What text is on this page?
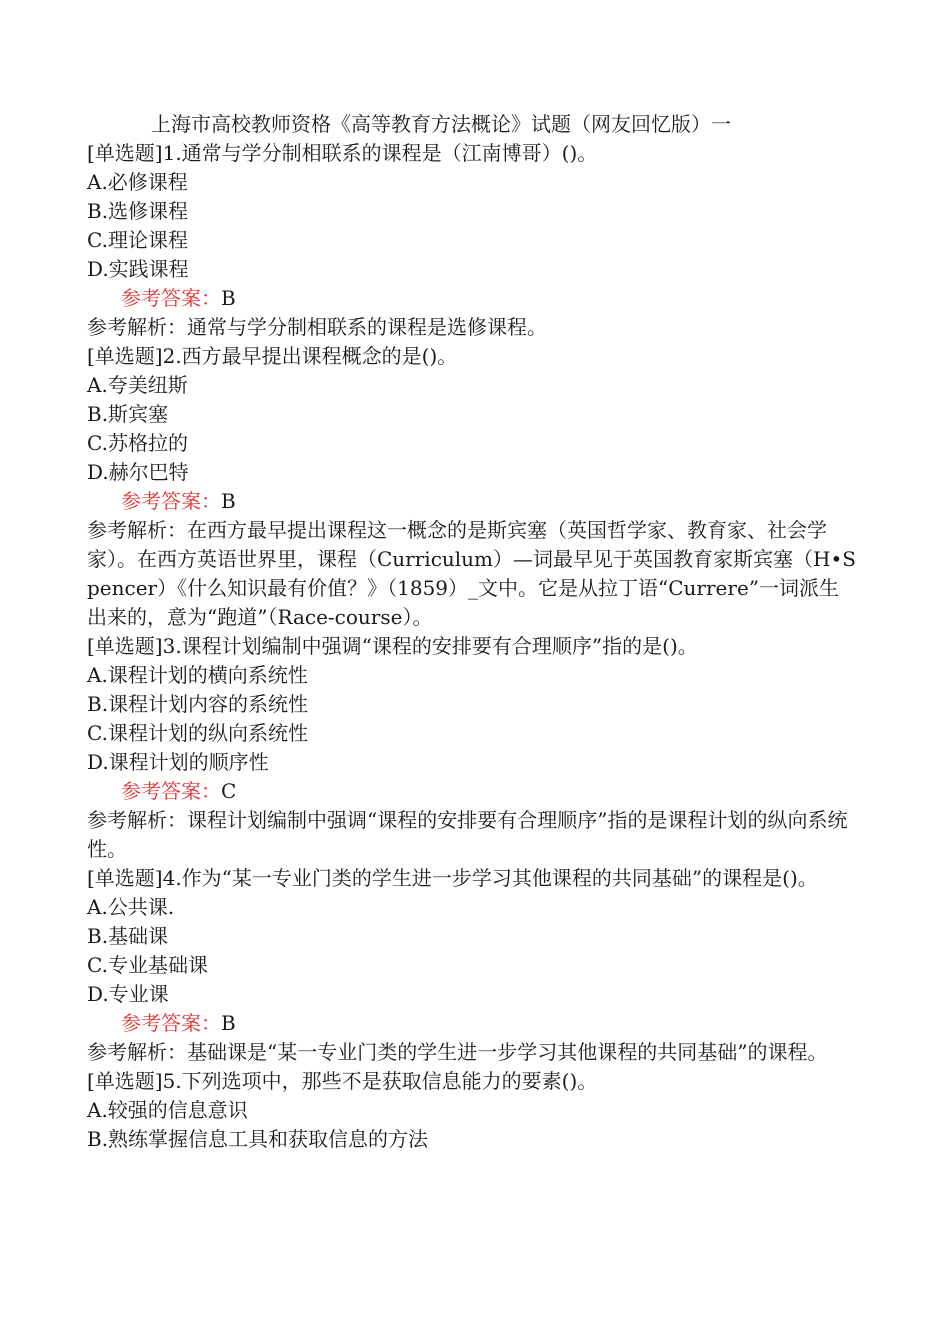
上海市高校教师资格《高等教育方法概论》试题（网友回忆版）一
[单选题]1.通常与学分制相联系的课程是（江南博哥）()。
A.必修课程
B.选修课程
C.理论课程
D.实践课程
参考答案：B
参考解析：通常与学分制相联系的课程是选修课程。
[单选题]2.西方最早提出课程概念的是()。
A.夸美纽斯
B.斯宾塞
C.苏格拉的
D.赫尔巴特
参考答案：B
参考解析：在西方最早提出课程这一概念的是斯宾塞（英国哲学家、教育家、社会学家）。在西方英语世界里，课程（Curriculum）—词最早见于英国教育家斯宾塞（H•Spencer）《什么知识最有价值？》（1859）_文中。它是从拉丁语“Currere”一词派生出来的，意为“跑道”（Race-course）。
[单选题]3.课程计划编制中强调“课程的安排要有合理顺序”指的是()。
A.课程计划的横向系统性
B.课程计划内容的系统性
C.课程计划的纵向系统性
D.课程计划的顺序性
参考答案：C
参考解析：课程计划编制中强调“课程的安排要有合理顺序”指的是课程计划的纵向系统性。
[单选题]4.作为“某一专业门类的学生进一步学习其他课程的共同基础”的课程是()。
A.公共课.
B.基础课
C.专业基础课
D.专业课
参考答案：B
参考解析：基础课是“某一专业门类的学生进一步学习其他课程的共同基础”的课程。
[单选题]5.下列选项中，那些不是获取信息能力的要素()。
A.较强的信息意识
B.熟练掌握信息工具和获取信息的方法
